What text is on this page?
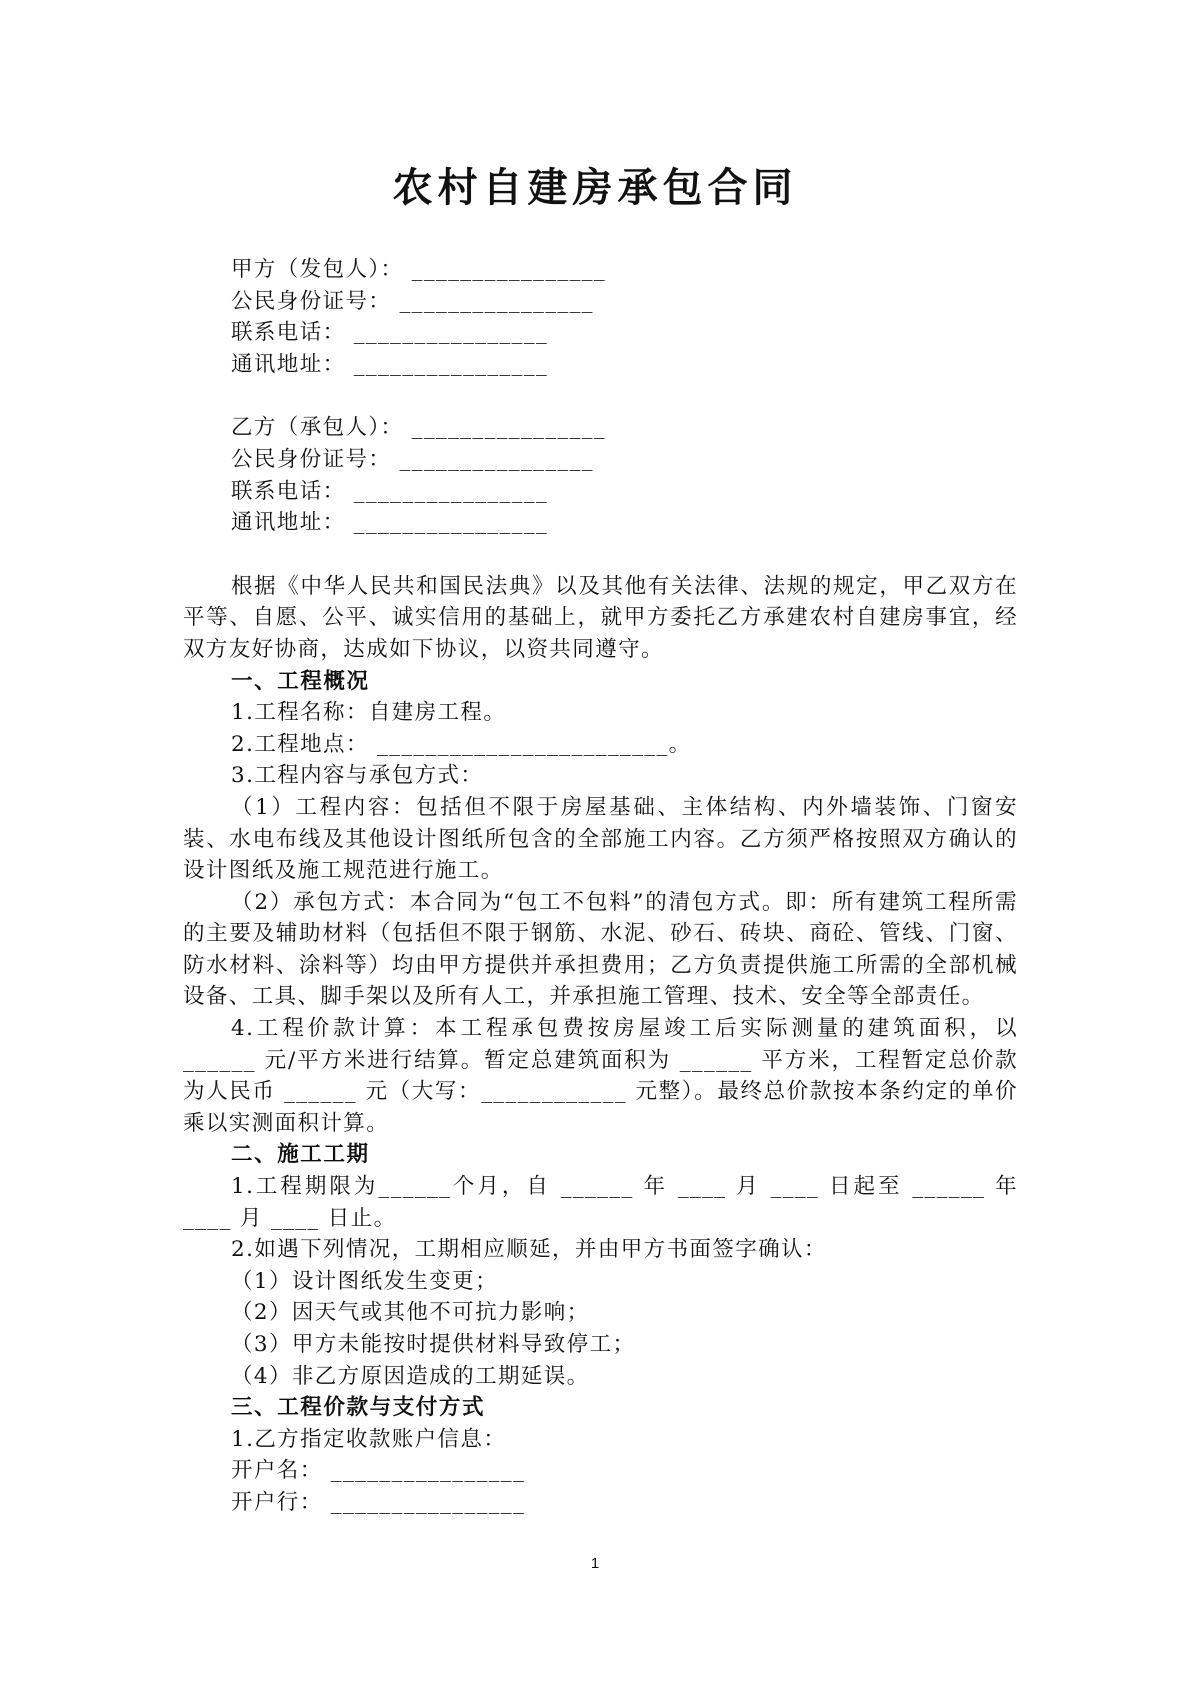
农村自建房承包合同
甲方（发包人）： ________________
公民身份证号： ________________
联系电话： ________________
通讯地址： ________________
乙方（承包人）： ________________
公民身份证号： ________________
联系电话： ________________
通讯地址： ________________
根据《中华人民共和国民法典》以及其他有关法律、法规的规定，甲乙双方在平等、自愿、公平、诚实信用的基础上，就甲方委托乙方承建农村自建房事宜，经双方友好协商，达成如下协议，以资共同遵守。
一、工程概况
1.工程名称：自建房工程。
2.工程地点： ________________________。
3.工程内容与承包方式：
（1）工程内容：包括但不限于房屋基础、主体结构、内外墙装饰、门窗安装、水电布线及其他设计图纸所包含的全部施工内容。乙方须严格按照双方确认的设计图纸及施工规范进行施工。
（2）承包方式：本合同为“包工不包料”的清包方式。即：所有建筑工程所需的主要及辅助材料（包括但不限于钢筋、水泥、砂石、砖块、商砼、管线、门窗、防水材料、涂料等）均由甲方提供并承担费用；乙方负责提供施工所需的全部机械设备、工具、脚手架以及所有人工，并承担施工管理、技术、安全等全部责任。
4.工程价款计算：本工程承包费按房屋竣工后实际测量的建筑面积，以 ______ 元/平方米进行结算。暂定总建筑面积为 ______ 平方米，工程暂定总价款为人民币 ______ 元（大写：____________ 元整）。最终总价款按本条约定的单价乘以实测面积计算。
二、施工工期
1.工程期限为______个月，自 ______ 年 ____ 月 ____ 日起至 ______ 年 ____ 月 ____ 日止。
2.如遇下列情况，工期相应顺延，并由甲方书面签字确认：
（1）设计图纸发生变更；
（2）因天气或其他不可抗力影响；
（3）甲方未能按时提供材料导致停工；
（4）非乙方原因造成的工期延误。
三、工程价款与支付方式
1.乙方指定收款账户信息：
开户名： ________________
开户行： ________________
1
